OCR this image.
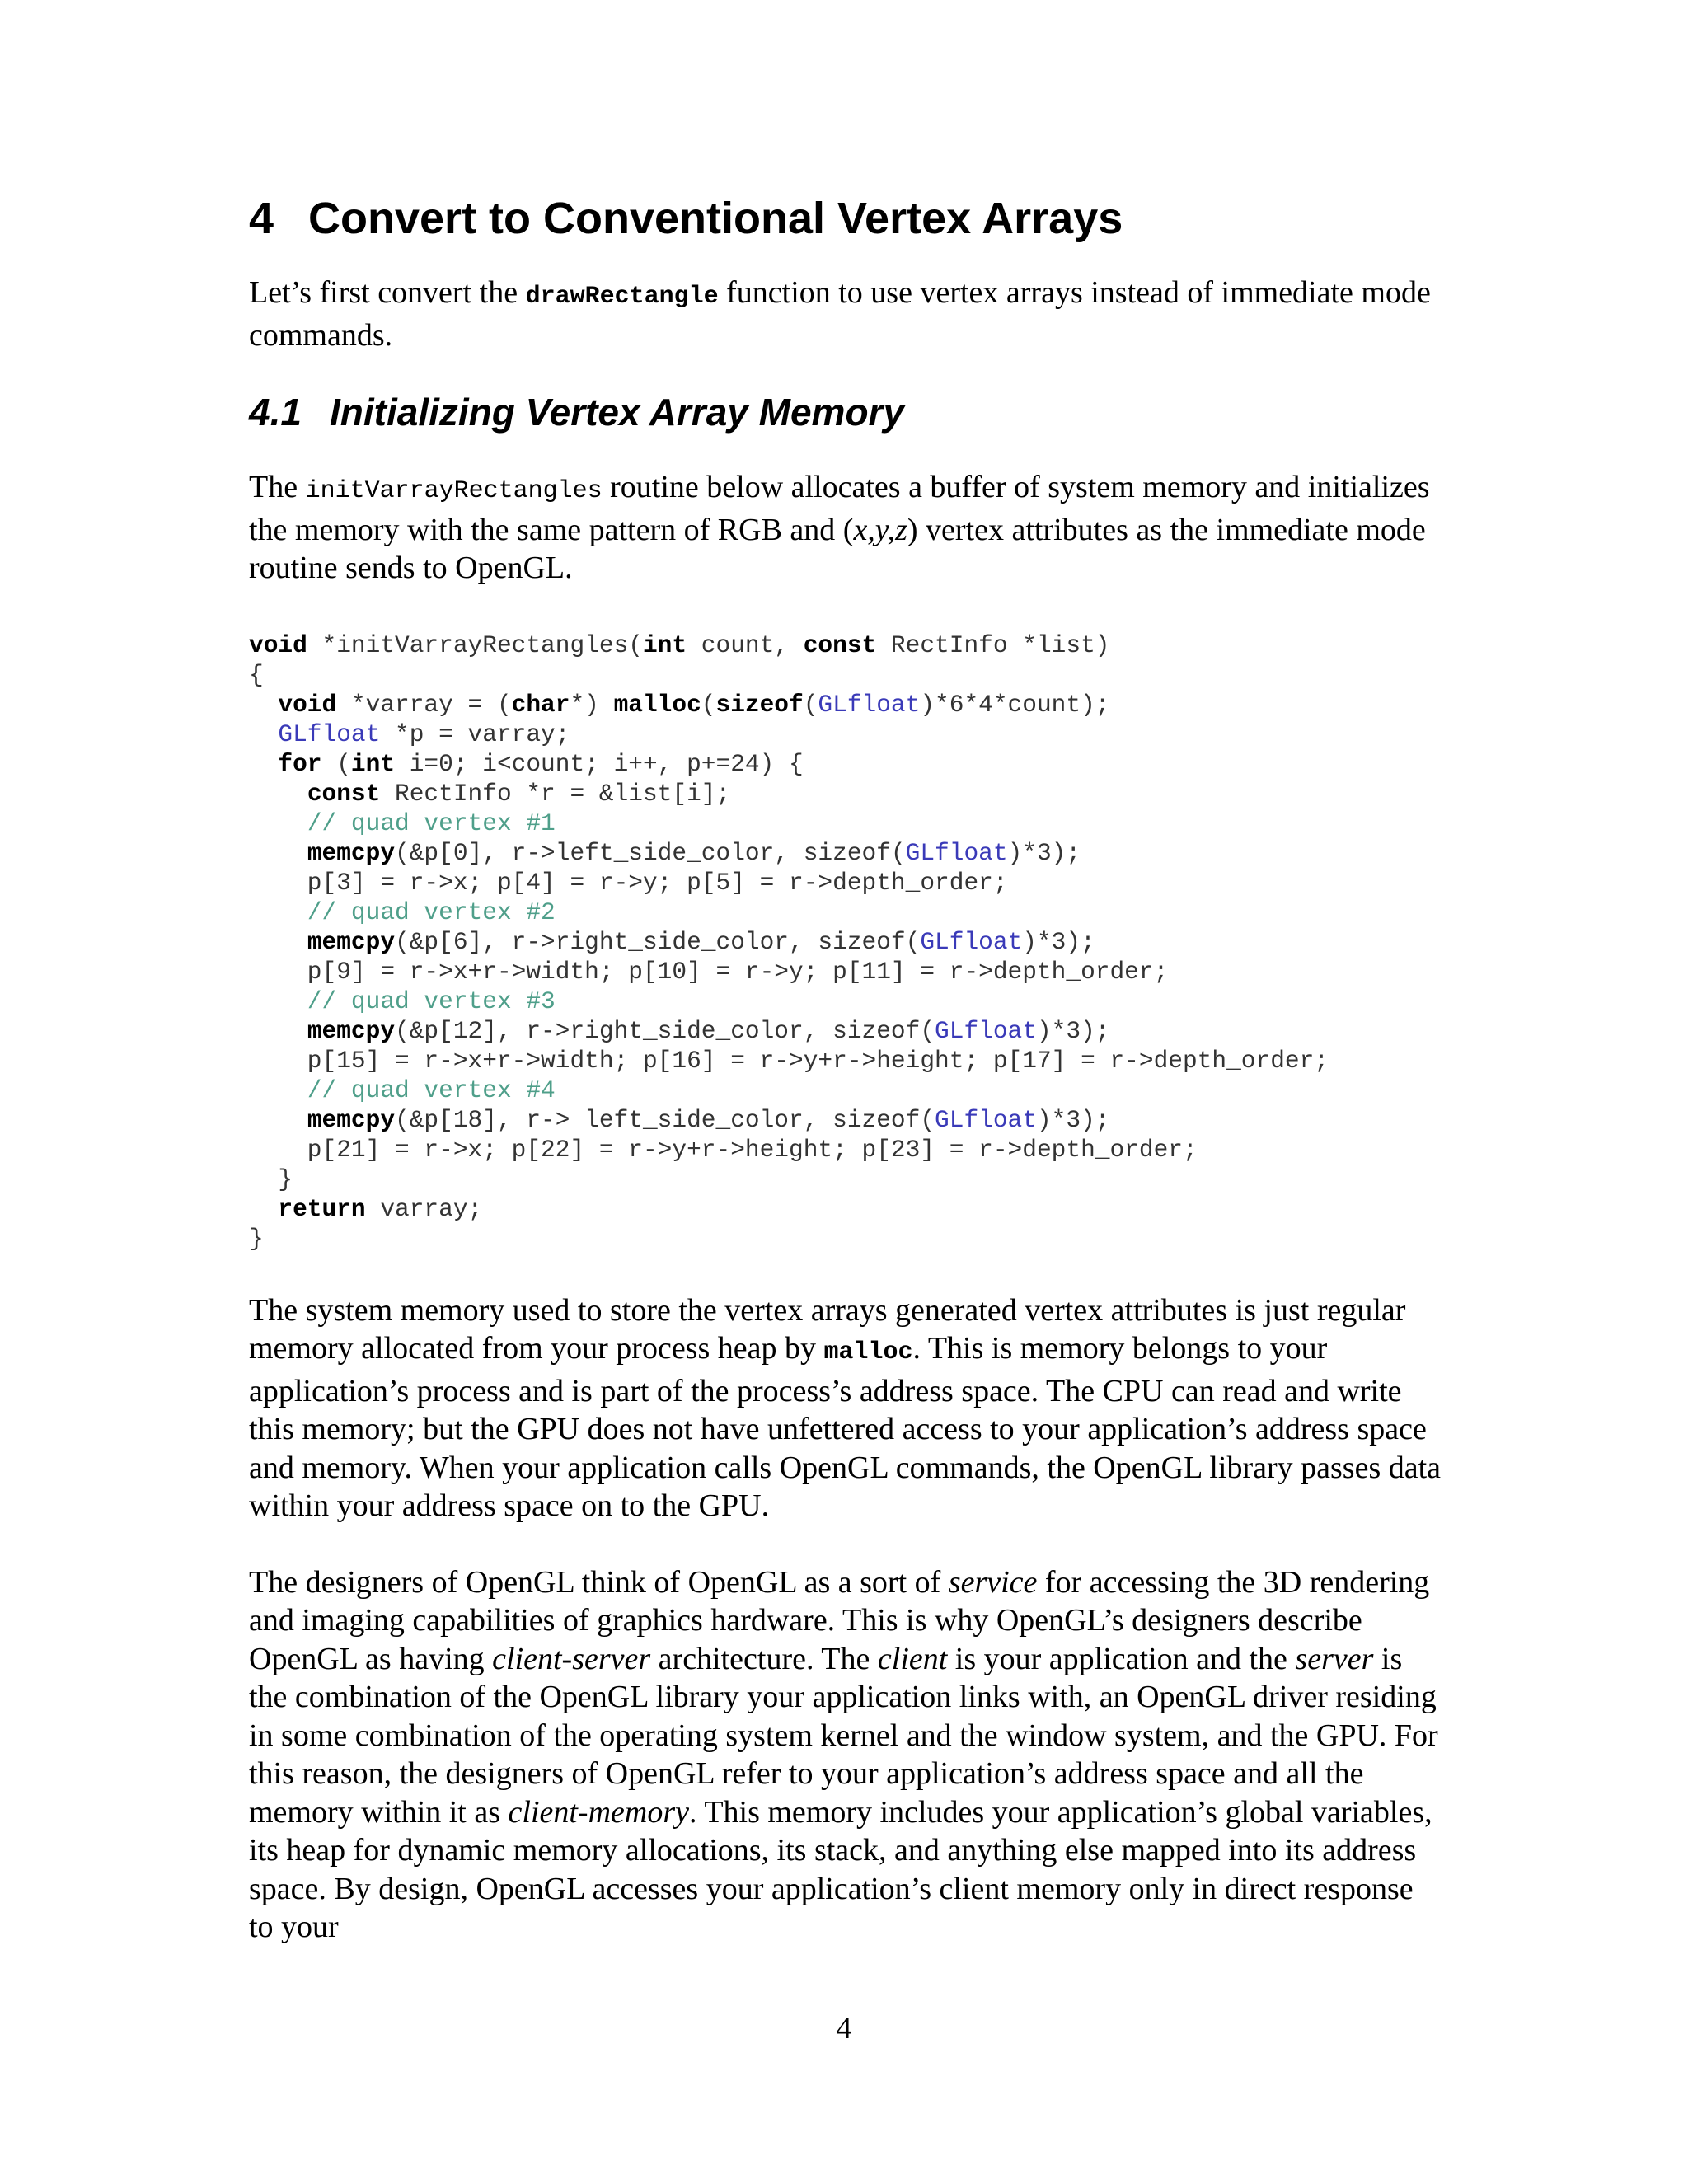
4 Convert to Conventional Vertex Arrays

Let’s first convert the drawRectangle function to use vertex arrays instead of immediate mode commands.

4.1 Initializing Vertex Array Memory

The initVarrayRectangles routine below allocates a buffer of system memory and initializes the memory with the same pattern of RGB and (x,y,z) vertex attributes as the immediate mode routine sends to OpenGL.

void *initVarrayRectangles(int count, const RectInfo *list)
{
void *varray = (char*) malloc(sizeof(GLfloat)*6*4*count);
GLfloat *p = varray;
for (int i=0; i<count; i++, p+=24) {
const RectInfo *r = &list[i];
// quad vertex #1
memcpy(&p[0], r->left_side_color, sizeof(GLfloat)*3);
p[3] = r->x; p[4] = r->y; p[5] = r->depth_order;
// quad vertex #2
memcpy(&p[6], r->right_side_color, sizeof(GLfloat)*3);
p[9] = r->x+r->width; p[10] = r->y; p[11] = r->depth_order;
// quad vertex #3
memcpy(&p[12], r->right_side_color, sizeof(GLfloat)*3);
p[15] = r->x+r->width; p[16] = r->y+r->height; p[17] = r->depth_order;
// quad vertex #4
memcpy(&p[18], r-> left_side_color, sizeof(GLfloat)*3);
p[21] = r->x; p[22] = r->y+r->height; p[23] = r->depth_order;
}
return varray;
}

The system memory used to store the vertex arrays generated vertex attributes is just regular memory allocated from your process heap by malloc. This is memory belongs to your application’s process and is part of the process’s address space. The CPU can read and write this memory; but the GPU does not have unfettered access to your application’s address space and memory. When your application calls OpenGL commands, the OpenGL library passes data within your address space on to the GPU.

The designers of OpenGL think of OpenGL as a sort of service for accessing the 3D rendering and imaging capabilities of graphics hardware. This is why OpenGL’s designers describe OpenGL as having client-server architecture. The client is your application and the server is the combination of the OpenGL library your application links with, an OpenGL driver residing in some combination of the operating system kernel and the window system, and the GPU. For this reason, the designers of OpenGL refer to your application’s address space and all the memory within it as client-memory. This memory includes your application’s global variables, its heap for dynamic memory allocations, its stack, and anything else mapped into its address space. By design, OpenGL accesses your application’s client memory only in direct response to your

4
